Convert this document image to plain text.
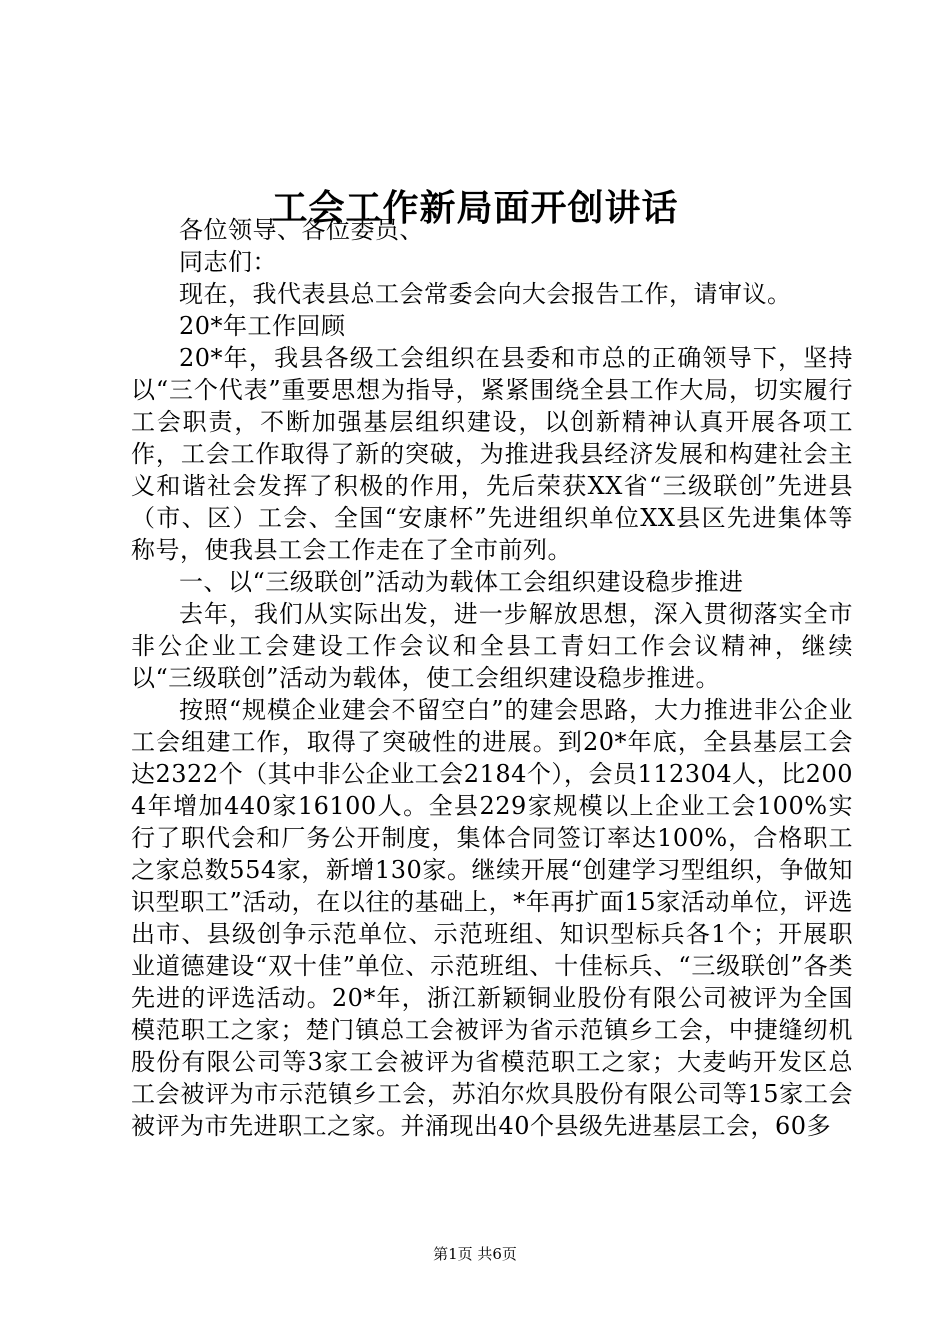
工会工作新局面开创讲话

各位领导、各位委员、

同志们：

现在，我代表县总工会常委会向大会报告工作，请审议。

20*年工作回顾

20*年，我县各级工会组织在县委和市总的正确领导下，坚持以“三个代表”重要思想为指导，紧紧围绕全县工作大局，切实履行工会职责，不断加强基层组织建设，以创新精神认真开展各项工作，工会工作取得了新的突破，为推进我县经济发展和构建社会主义和谐社会发挥了积极的作用，先后荣获XX省“三级联创”先进县（市、区）工会、全国“安康杯”先进组织单位XX县区先进集体等称号，使我县工会工作走在了全市前列。

一、以“三级联创”活动为载体工会组织建设稳步推进

去年，我们从实际出发，进一步解放思想，深入贯彻落实全市非公企业工会建设工作会议和全县工青妇工作会议精神，继续以“三级联创”活动为载体，使工会组织建设稳步推进。

按照“规模企业建会不留空白”的建会思路，大力推进非公企业工会组建工作，取得了突破性的进展。到20*年底，全县基层工会达2322个（其中非公企业工会2184个），会员112304人，比2004年增加440家16100人。全县229家规模以上企业工会100%实行了职代会和厂务公开制度，集体合同签订率达100%，合格职工之家总数554家，新增130家。继续开展“创建学习型组织，争做知识型职工”活动，在以往的基础上，*年再扩面15家活动单位，评选出市、县级创争示范单位、示范班组、知识型标兵各1个；开展职业道德建设“双十佳”单位、示范班组、十佳标兵、“三级联创”各类先进的评选活动。20*年，浙江新颖铜业股份有限公司被评为全国模范职工之家；楚门镇总工会被评为省示范镇乡工会，中捷缝纫机股份有限公司等3家工会被评为省模范职工之家；大麦屿开发区总工会被评为市示范镇乡工会，苏泊尔炊具股份有限公司等15家工会被评为市先进职工之家。并涌现出40个县级先进基层工会，60多

第1页 共6页
